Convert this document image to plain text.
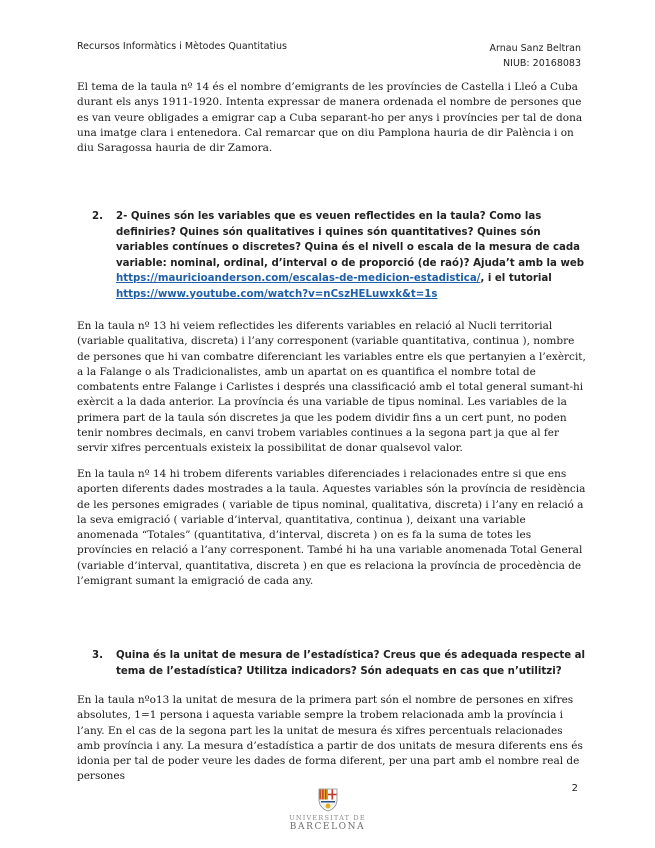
Recursos Informàtics i Mètodes Quantitatius	Arnau Sanz Beltran
NIUB: 20168083

El tema de la taula nº 14 és el nombre d’emigrants de les províncies de Castella i Lleó a Cuba durant els anys 1911-1920. Intenta expressar de manera ordenada el nombre de persones que es van veure obligades a emigrar cap a Cuba separant-ho per anys i províncies per tal de dona una imatge clara i entenedora. Cal remarcar que on diu Pamplona hauria de dir Palència i on diu Saragossa hauria de dir Zamora.

2. 2- Quines són les variables que es veuen reflectides en la taula? Como las definiries? Quines són qualitatives i quines són quantitatives? Quines són variables contínues o discretes? Quina és el nivell o escala de la mesura de cada variable: nominal, ordinal, d’interval o de proporció (de raó)? Ajuda’t amb la web https://mauricioanderson.com/escalas-de-medicion-estadistica/, i el tutorial https://www.youtube.com/watch?v=nCszHELuwxk&t=1s

En la taula nº 13 hi veiem reflectides les diferents variables en relació al Nucli territorial (variable qualitativa, discreta) i l’any corresponent (variable quantitativa, continua ), nombre de persones que hi van combatre diferenciant les variables entre els que pertanyien a l’exèrcit, a la Falange o als Tradicionalistes, amb un apartat on es quantifica el nombre total de combatents entre Falange i Carlistes i després una classificació amb el total general sumant-hi exèrcit a la dada anterior. La província és una variable de tipus nominal. Les variables de la primera part de la taula són discretes ja que les podem dividir fins a un cert punt, no poden tenir nombres decimals, en canvi trobem variables continues a la segona part ja que al fer servir xifres percentuals existeix la possibilitat de donar qualsevol valor.

En la taula nº 14 hi trobem diferents variables diferenciades i relacionades entre si que ens aporten diferents dades mostrades a la taula. Aquestes variables són la província de residència de les persones emigrades ( variable de tipus nominal, qualitativa, discreta) i l’any en relació a la seva emigració ( variable d’interval, quantitativa, continua ), deixant una variable anomenada “Totales” (quantitativa, d’interval, discreta ) on es fa la suma de totes les províncies en relació a l’any corresponent. També hi ha una variable anomenada Total General (variable d’interval, quantitativa, discreta ) en que es relaciona la província de procedència de l’emigrant sumant la emigració de cada any.

3. Quina és la unitat de mesura de l’estadística? Creus que és adequada respecte al tema de l’estadística? Utilitza indicadors? Són adequats en cas que n’utilitzi?

En la taula nºo13 la unitat de mesura de la primera part són el nombre de persones en xifres absolutes, 1=1 persona i aquesta variable sempre la trobem relacionada amb la província i l’any. En el cas de la segona part les la unitat de mesura és xifres percentuals relacionades amb província i any. La mesura d’estadística a partir de dos unitats de mesura diferents ens és idonia per tal de poder veure les dades de forma diferent, per una part amb el nombre real de persones

2
UNIVERSITAT DE
BARCELONA
